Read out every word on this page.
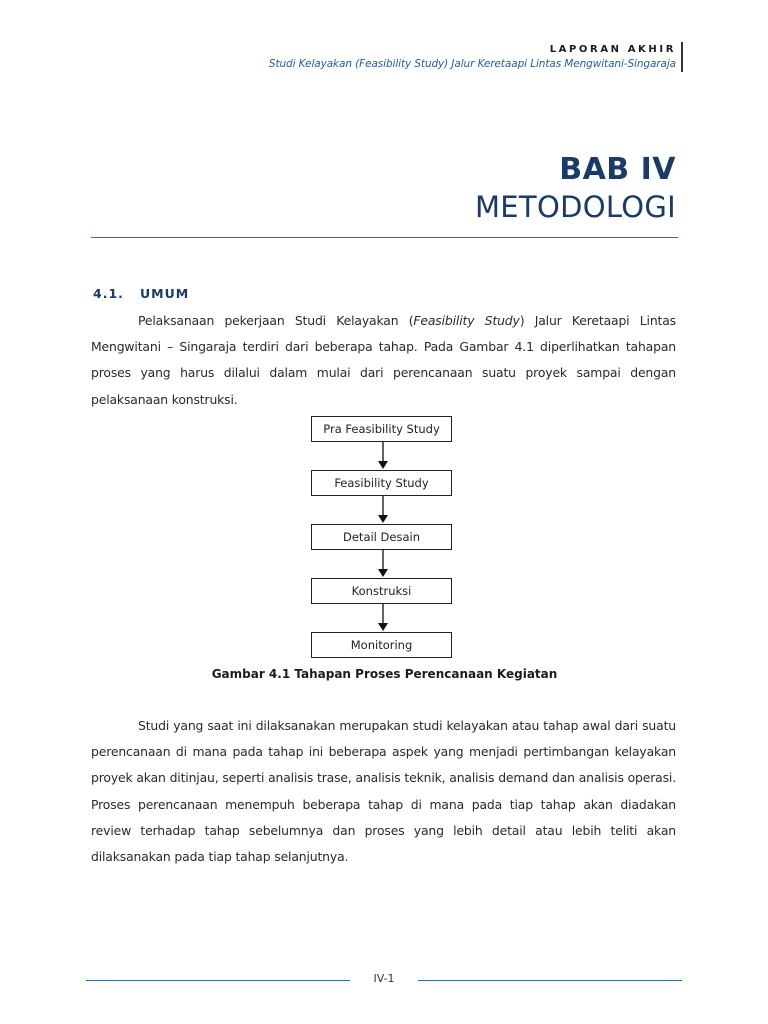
LAPORAN AKHIR
Studi Kelayakan (Feasibility Study) Jalur Keretaapi Lintas Mengwitani-Singaraja
BAB IV
METODOLOGI
4.1. UMUM
Pelaksanaan pekerjaan Studi Kelayakan (Feasibility Study) Jalur Keretaapi Lintas Mengwitani – Singaraja terdiri dari beberapa tahap. Pada Gambar 4.1 diperlihatkan tahapan proses yang harus dilalui dalam mulai dari perencanaan suatu proyek sampai dengan pelaksanaan konstruksi.
Pra Feasibility Study
Feasibility Study
Detail Desain
Konstruksi
Monitoring
Gambar 4.1 Tahapan Proses Perencanaan Kegiatan
Studi yang saat ini dilaksanakan merupakan studi kelayakan atau tahap awal dari suatu perencanaan di mana pada tahap ini beberapa aspek yang menjadi pertimbangan kelayakan proyek akan ditinjau, seperti analisis trase, analisis teknik, analisis demand dan analisis operasi. Proses perencanaan menempuh beberapa tahap di mana pada tiap tahap akan diadakan review terhadap tahap sebelumnya dan proses yang lebih detail atau lebih teliti akan dilaksanakan pada tiap tahap selanjutnya.
IV-1
